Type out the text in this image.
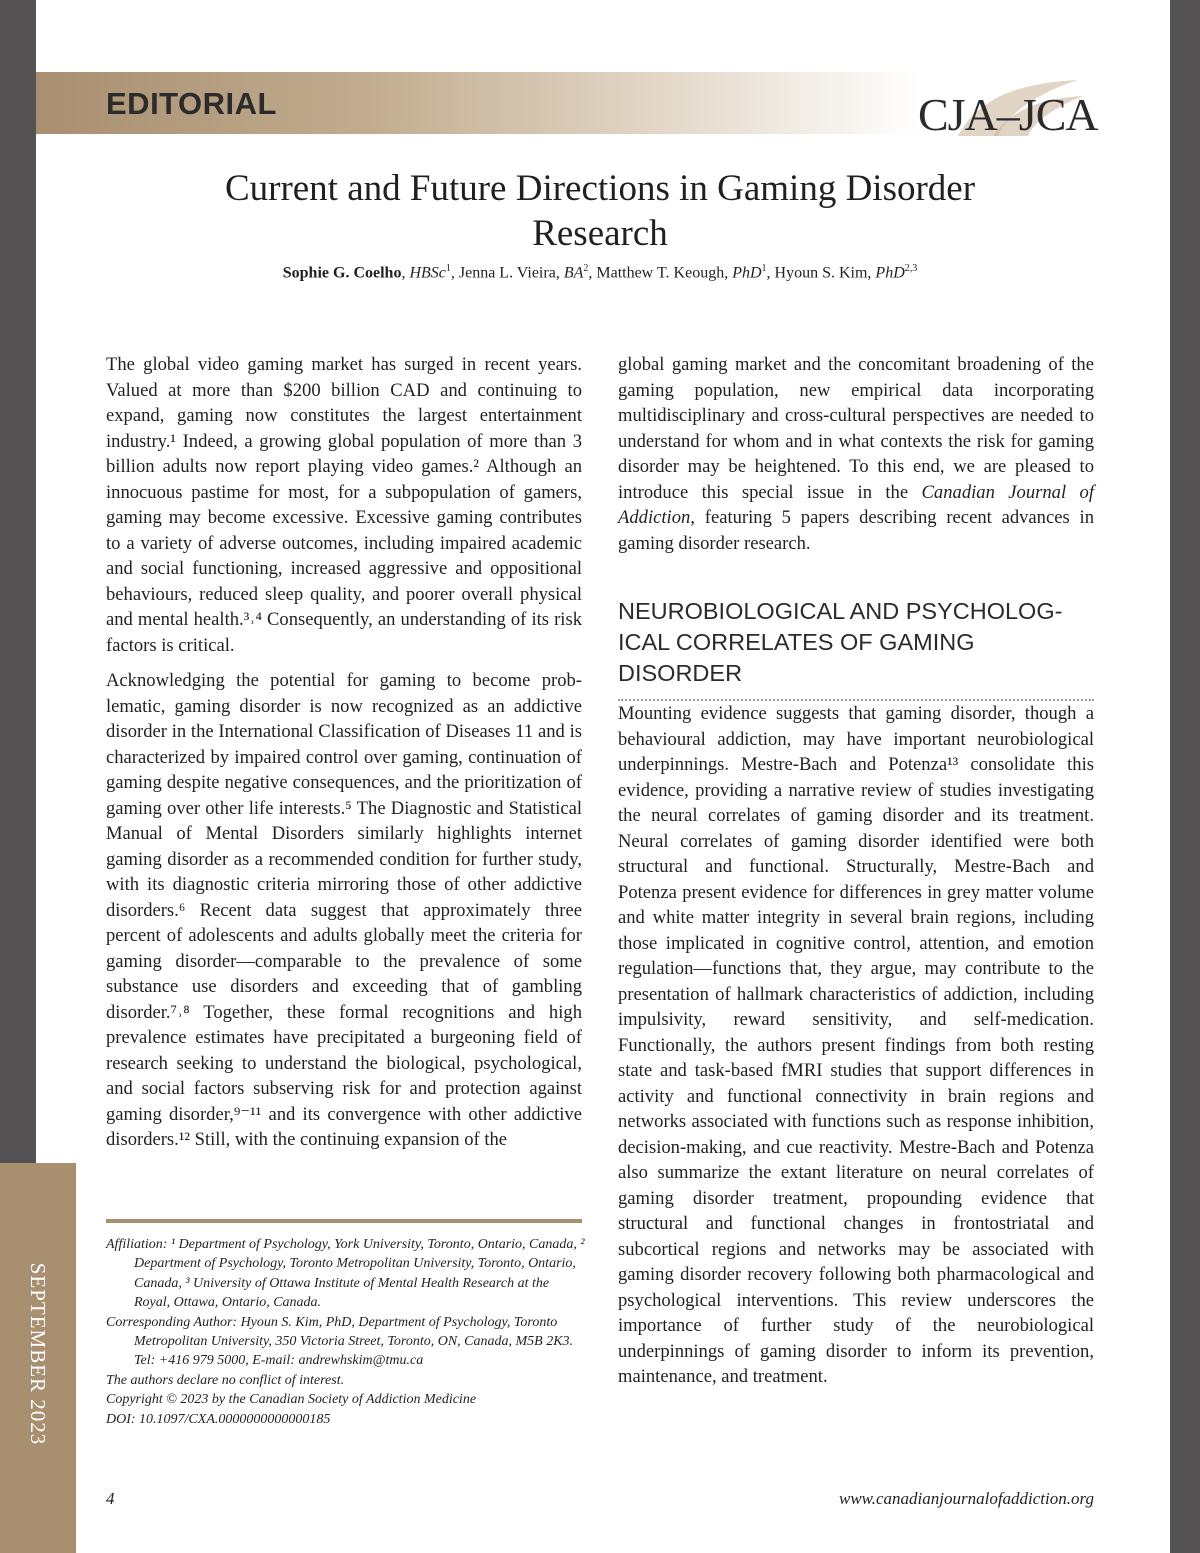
SEPTEMBER 2023
EDITORIAL	CJA–JCA
Current and Future Directions in Gaming Disorder
Research
Sophie G. Coelho, HBSc$^1$, Jenna L. Vieira, $BA^2$, Matthew T. Keough, PhD$^1$, Hyoun S. Kim, PhD$^{2,3}$

The global video gaming market has surged in recent years. Valued at more than $200 billion CAD and continuing to expand, gaming now constitutes the largest entertainment industry.¹ Indeed, a growing global population of more than 3 billion adults now report playing video games.² Although an innocuous pastime for most, for a subpopulation of gamers, gaming may become excessive. Excessive gaming contributes to a variety of adverse outcomes, including impaired academic and social functioning, increased aggressive and oppositional behaviours, reduced sleep quality, and poorer overall physical and mental health.³˒⁴ Consequently, an understanding of its risk factors is critical.

Acknowledging the potential for gaming to become problematic, gaming disorder is now recognized as an addictive disorder in the International Classification of Diseases 11 and is characterized by impaired control over gaming, continuation of gaming despite negative consequences, and the prioritization of gaming over other life interests.⁵ The Diagnostic and Statistical Manual of Mental Disorders similarly highlights internet gaming disorder as a recommended condition for further study, with its diagnostic criteria mirroring those of other addictive disorders.⁶ Recent data suggest that approximately three percent of adolescents and adults globally meet the criteria for gaming disorder––comparable to the prevalence of some substance use disorders and exceeding that of gambling disorder.⁷˒⁸ Together, these formal recognitions and high prevalence estimates have precipitated a burgeoning field of research seeking to understand the biological, psychological, and social factors subserving risk for and protection against gaming disorder,⁹⁻¹¹ and its convergence with other addictive disorders.¹² Still, with the continuing expansion of the

global gaming market and the concomitant broadening of the gaming population, new empirical data incorporating multidisciplinary and cross-cultural perspectives are needed to understand for whom and in what contexts the risk for gaming disorder may be heightened. To this end, we are pleased to introduce this special issue in the Canadian Journal of Addiction, featuring 5 papers describing recent advances in gaming disorder research.

NEUROBIOLOGICAL AND PSYCHOLOGICAL CORRELATES OF GAMING DISORDER

Mounting evidence suggests that gaming disorder, though a behavioural addiction, may have important neurobiological underpinnings. Mestre-Bach and Potenza¹³ consolidate this evidence, providing a narrative review of studies investigating the neural correlates of gaming disorder and its treatment. Neural correlates of gaming disorder identified were both structural and functional. Structurally, Mestre-Bach and Potenza present evidence for differences in grey matter volume and white matter integrity in several brain regions, including those implicated in cognitive control, attention, and emotion regulation––functions that, they argue, may contribute to the presentation of hallmark characteristics of addiction, including impulsivity, reward sensitivity, and self-medication. Functionally, the authors present findings from both resting state and task-based fMRI studies that support differences in activity and functional connectivity in brain regions and networks associated with functions such as response inhibition, decision-making, and cue reactivity. Mestre-Bach and Potenza also summarize the extant literature on neural correlates of gaming disorder treatment, propounding evidence that structural and functional changes in frontostriatal and subcortical regions and networks may be associated with gaming disorder recovery following both pharmacological and psychological interventions. This review underscores the importance of further study of the neurobiological underpinnings of gaming disorder to inform its prevention, maintenance, and treatment.

Affiliation: ¹ Department of Psychology, York University, Toronto, Ontario, Canada, ² Department of Psychology, Toronto Metropolitan University, Toronto, Ontario, Canada, ³ University of Ottawa Institute of Mental Health Research at the Royal, Ottawa, Ontario, Canada.

Corresponding Author: Hyoun S. Kim, PhD, Department of Psychology, Toronto Metropolitan University, 350 Victoria Street, Toronto, ON, Canada, M5B 2K3. Tel: +416 979 5000, E-mail: andrewhskim@tmu.ca

The authors declare no conflict of interest.

Copyright © 2023 by the Canadian Society of Addiction Medicine

DOI: 10.1097/CXA.0000000000000185

4	www.canadianjournalofaddiction.org
